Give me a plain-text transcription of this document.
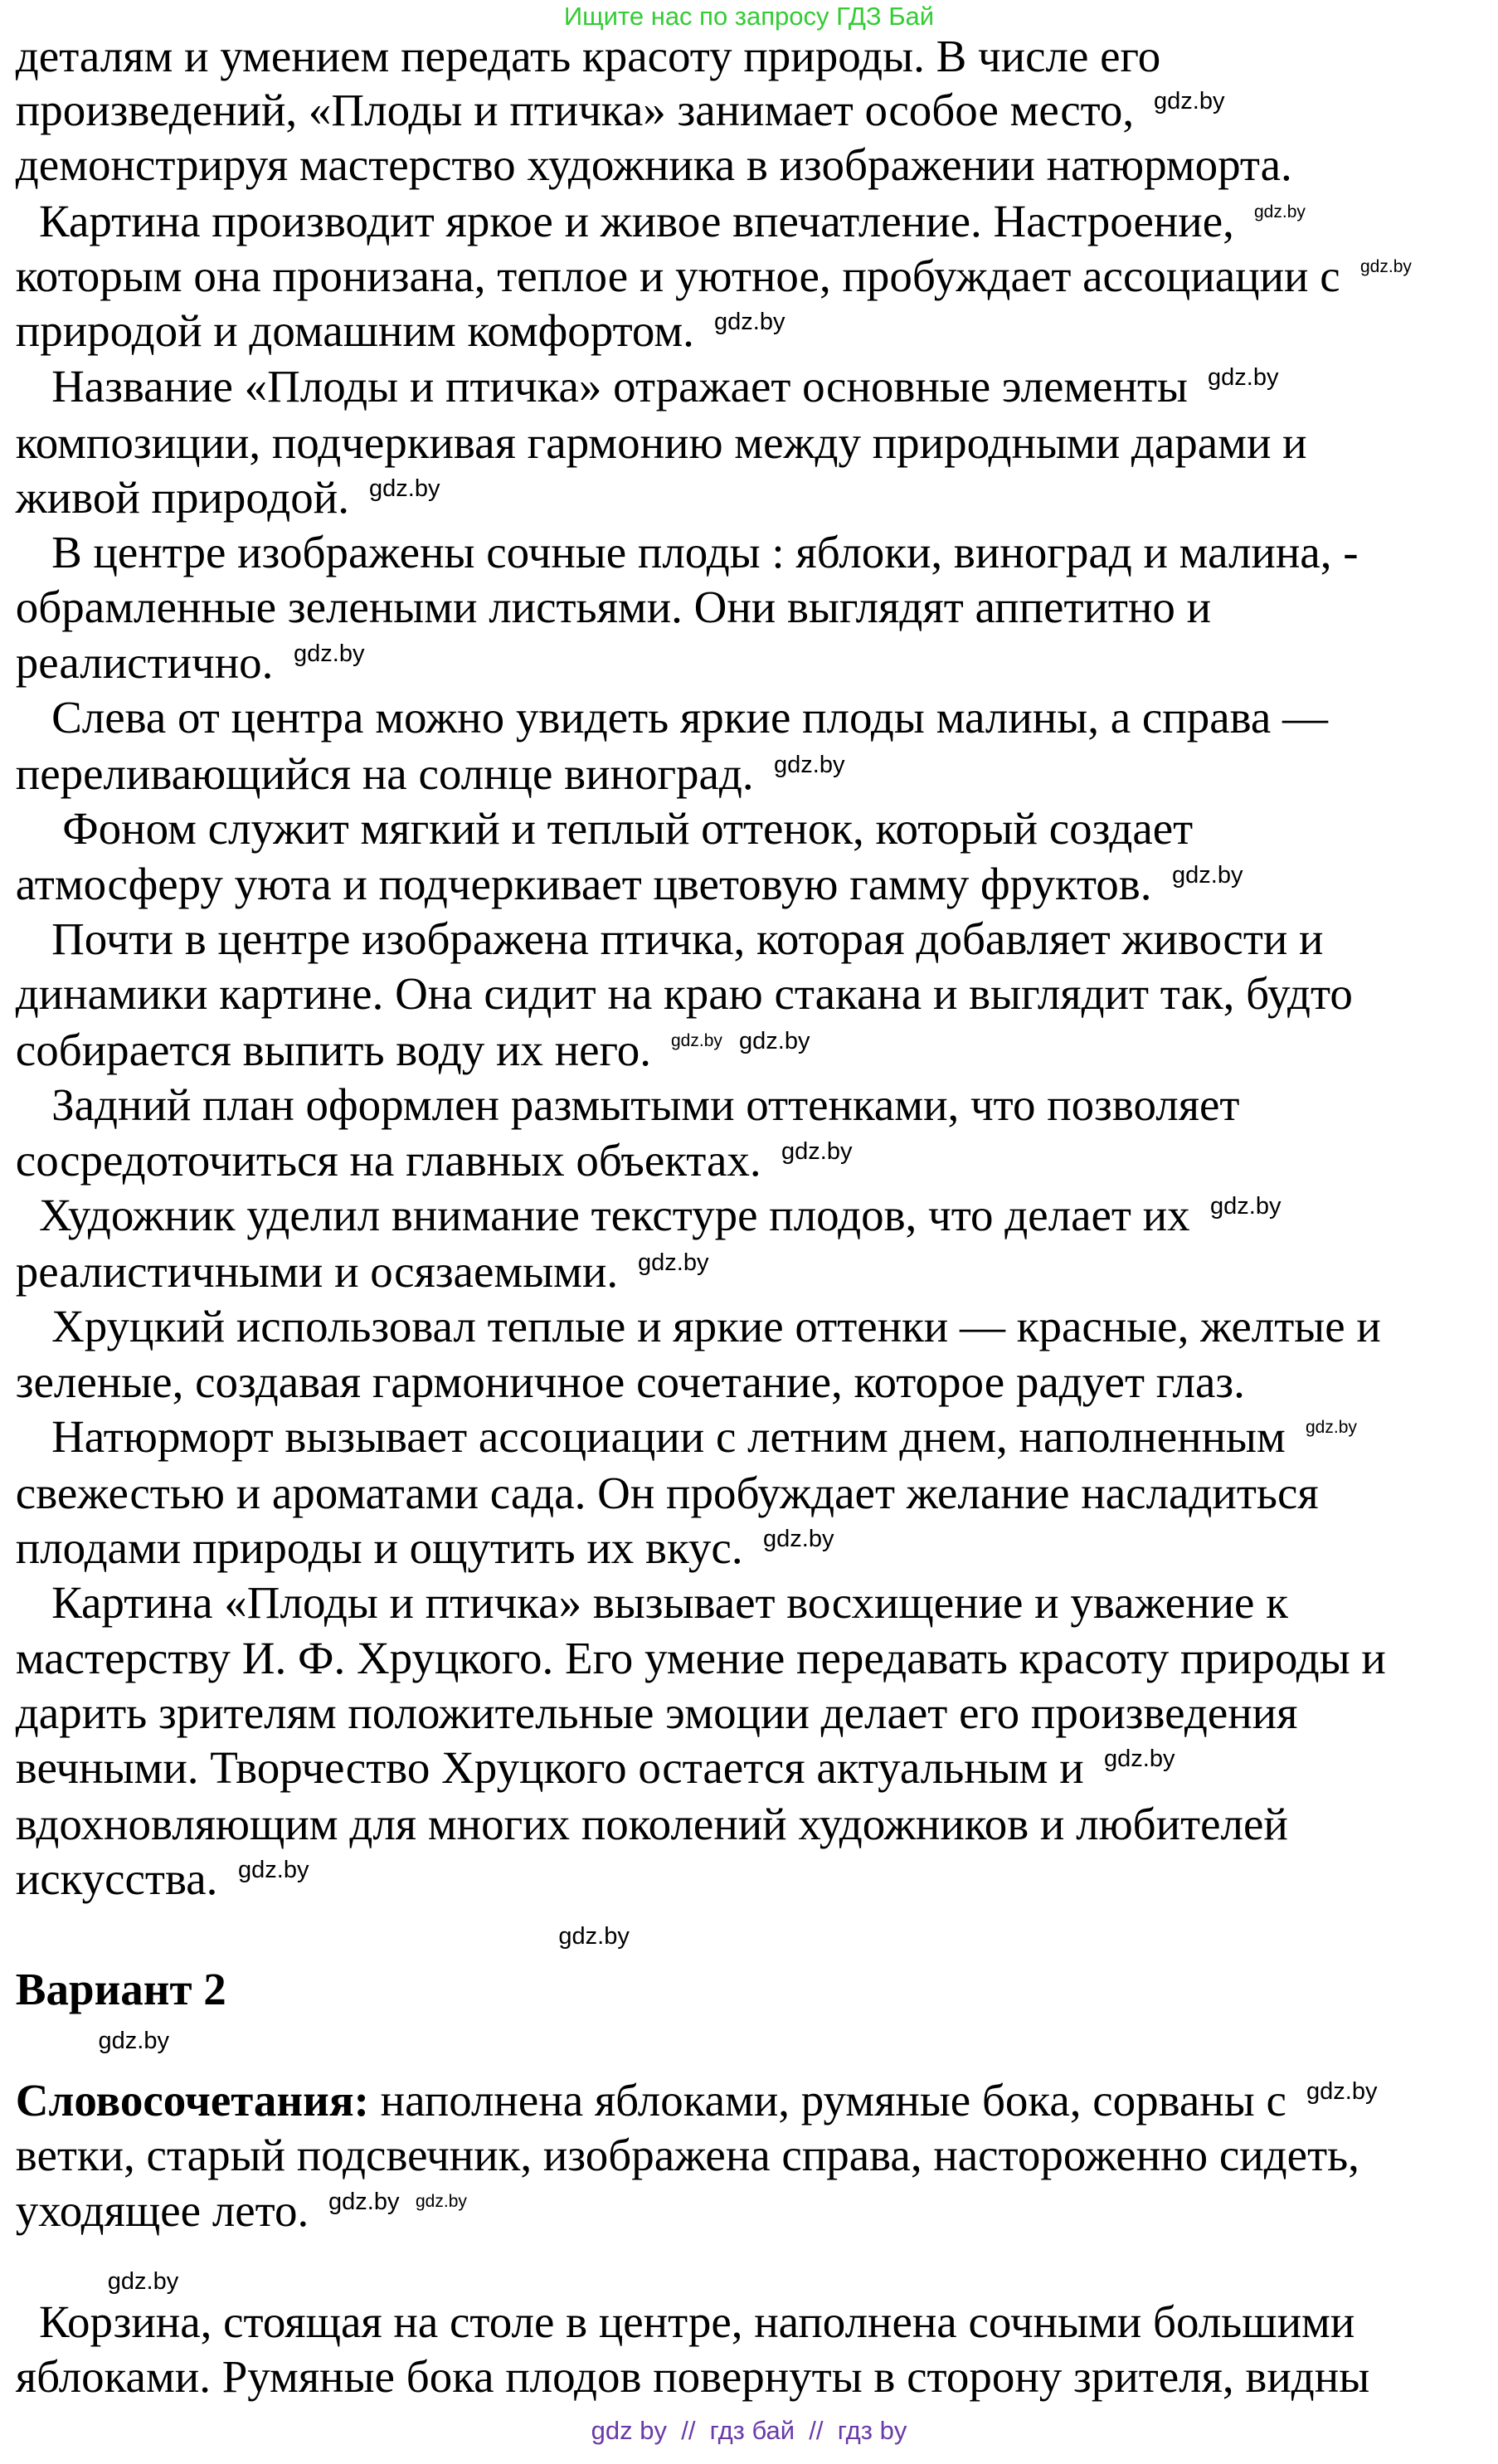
Ищите нас по запросу ГДЗ Бай
Вариант 2
Словосочетания: наполнена яблоками, румяные бока, сорваны с
ветки, старый подсвечник, изображена справа, настороженно сидеть,
уходящее лето.
деталям и умением передать красоту природы. В числе его
произведений, «Плоды и птичка» занимает особое место,
демонстрируя мастерство художника в изображении натюрморта.
Картина производит яркое и живое впечатление. Настроение,
которым она пронизана, теплое и уютное, пробуждает ассоциации с
природой и домашним комфортом.
Название «Плоды и птичка» отражает основные элементы
композиции, подчеркивая гармонию между природными дарами и
живой природой.
В центре изображены сочные плоды : яблоки, виноград и малина, -
обрамленные зелеными листьями. Они выглядят аппетитно и
реалистично.
Слева от центра можно увидеть яркие плоды малины, а справа —
переливающийся на солнце виноград.
Фоном служит мягкий и теплый оттенок, который создает
атмосферу уюта и подчеркивает цветовую гамму фруктов.
Почти в центре изображена птичка, которая добавляет живости и
динамики картине. Она сидит на краю стакана и выглядит так, будто
собирается выпить воду их него.
Задний план оформлен размытыми оттенками, что позволяет
сосредоточиться на главных объектах.
Художник уделил внимание текстуре плодов, что делает их
реалистичными и осязаемыми.
Хруцкий использовал теплые и яркие оттенки — красные, желтые и
зеленые, создавая гармоничное сочетание, которое радует глаз.
Натюрморт вызывает ассоциации с летним днем, наполненным
свежестью и ароматами сада. Он пробуждает желание насладиться
плодами природы и ощутить их вкус.
Картина «Плоды и птичка» вызывает восхищение и уважение к
мастерству И. Ф. Хруцкого. Его умение передавать красоту природы и
дарить зрителям положительные эмоции делает его произведения
вечными. Творчество Хруцкого остается актуальным и
вдохновляющим для многих поколений художников и любителей
искусства.
Корзина, стоящая на столе в центре, наполнена сочными большими
яблоками. Румяные бока плодов повернуты в сторону зрителя, видны
gdz.by
gdz.by
gdz.by
gdz.by
gdz.by
gdz.by
gdz.by
gdz.by
gdz.by
gdz.by gdz.by
gdz.by
gdz.by
gdz.by
gdz.by
gdz.by
gdz.by
gdz.by
gdz.by
gdz.by gdz.by
gdz.by
gdz.by
gdz.by
gdz by  //  гдз бай  //  гдз by
